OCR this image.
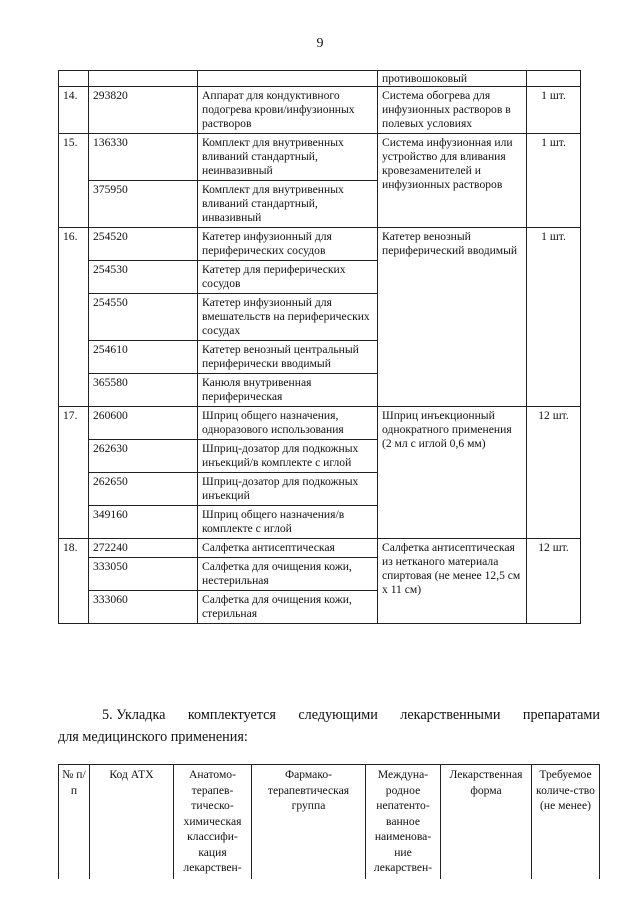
9
			противошоковый	
14.	293820	Аппарат для кондуктивного подогрева крови/инфузионных растворов	Система обогрева для инфузионных растворов в полевых условиях	1 шт.
15.	136330	Комплект для внутривенных вливаний стандартный, неинвазивный	Система инфузионная или устройство для вливания кровезаменителей и инфузионных растворов	1 шт.
	375950	Комплект для внутривенных вливаний стандартный, инвазивный		
16.	254520	Катетер инфузионный для периферических сосудов	Катетер венозный периферический вводимый	1 шт.
	254530	Катетер для периферических сосудов		
	254550	Катетер инфузионный для вмешательств на периферических сосудах		
	254610	Катетер венозный центральный периферически вводимый		
	365580	Канюля внутривенная периферическая		
17.	260600	Шприц общего назначения, одноразового использования	Шприц инъекционный однократного применения (2 мл с иглой 0,6 мм)	12 шт.
	262630	Шприц-дозатор для подкожных инъекций/в комплекте с иглой		
	262650	Шприц-дозатор для подкожных инъекций		
	349160	Шприц общего назначения/в комплекте с иглой		
18.	272240	Салфетка антисептическая	Салфетка антисептическая из нетканого материала спиртовая (не менее 12,5 см х 11 см)	12 шт.
	333050	Салфетка для очищения кожи, нестерильная		
	333060	Салфетка для очищения кожи, стерильная		
5. Укладка комплектуется следующими лекарственными препаратами
для медицинского применения:
№ п/п	Код АТХ	Анатомо-терапев-тическо-химическая классифи-кация лекарствен-	Фармако-терапевтическая группа	Междуна-родное непатенто-ванное наименова-ние лекарствен-	Лекарственная форма	Требуемое количе-ство (не менее)
